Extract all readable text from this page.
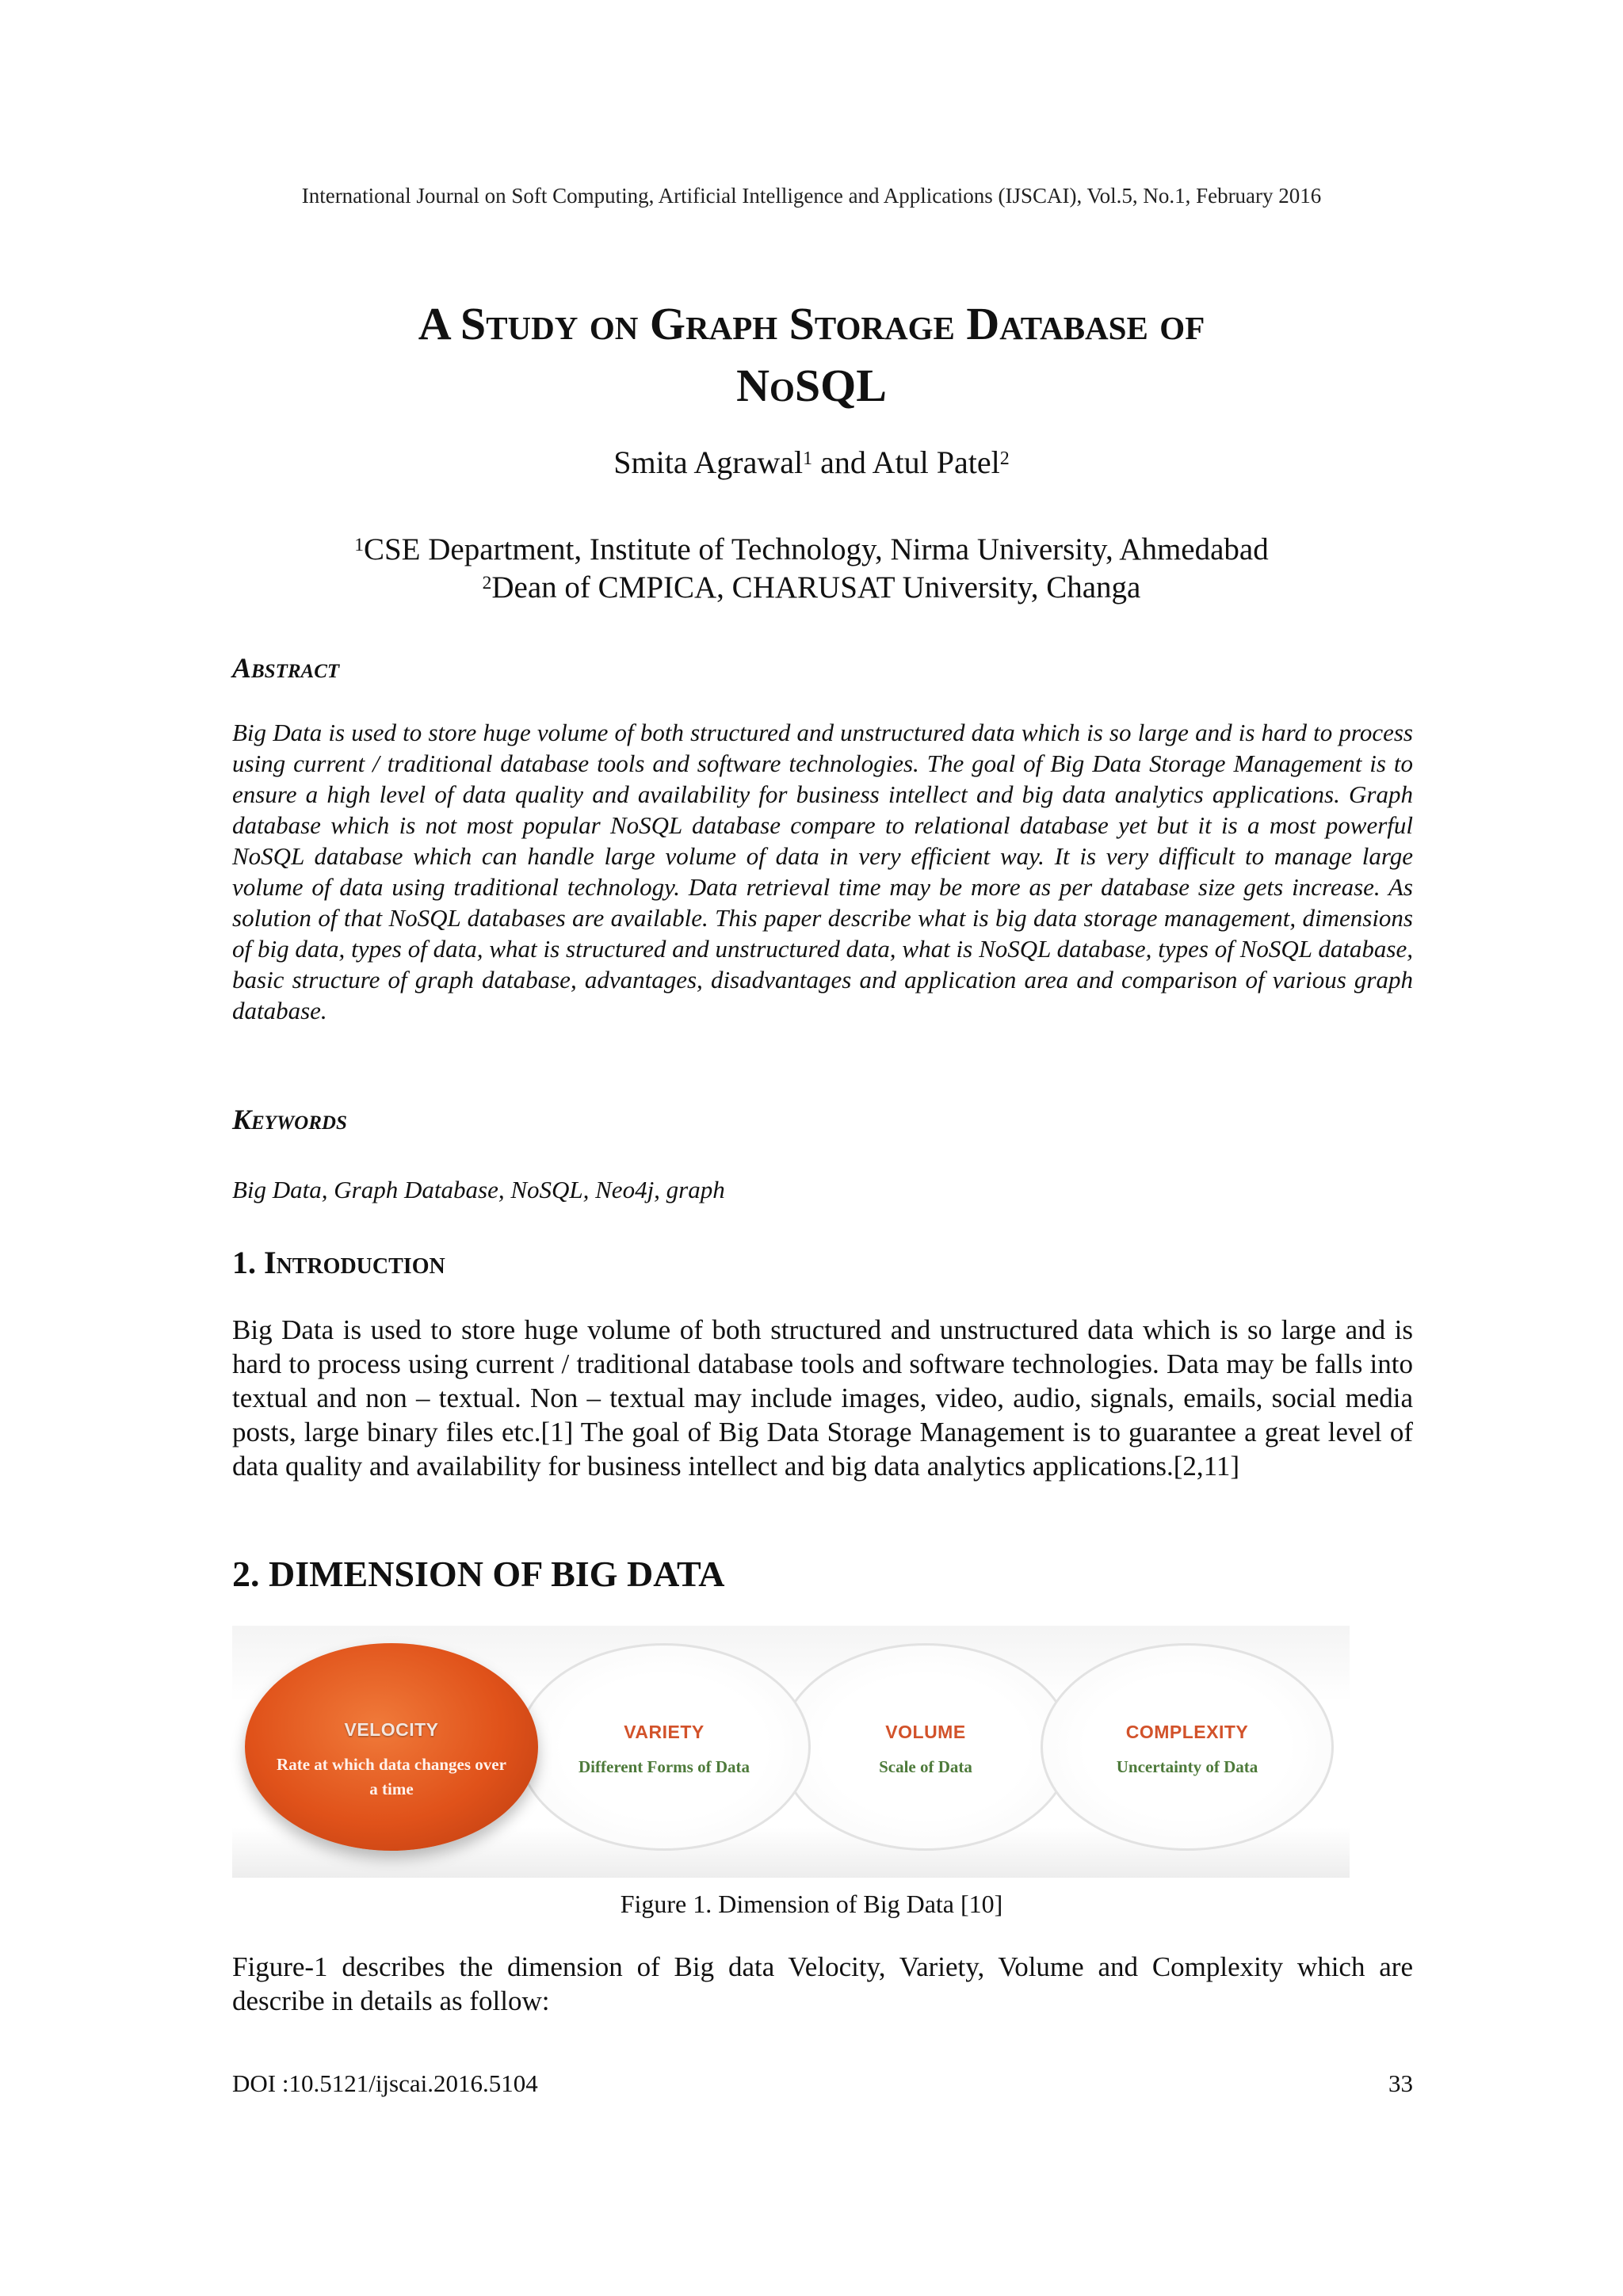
International Journal on Soft Computing, Artificial Intelligence and Applications (IJSCAI), Vol.5, No.1, February 2016
A Study on Graph Storage Database of
NoSQL
Smita Agrawal$^1$ and Atul Patel$^2$
$^1$CSE Department, Institute of Technology, Nirma University, Ahmedabad
$^2$Dean of CMPICA, CHARUSAT University, Changa
Abstract
Big Data is used to store huge volume of both structured and unstructured data which is so large and is hard to process using current / traditional database tools and software technologies. The goal of Big Data Storage Management is to ensure a high level of data quality and availability for business intellect and big data analytics applications. Graph database which is not most popular NoSQL database compare to relational database yet but it is a most powerful NoSQL database which can handle large volume of data in very efficient way. It is very difficult to manage large volume of data using traditional technology. Data retrieval time may be more as per database size gets increase. As solution of that NoSQL databases are available. This paper describe what is big data storage management, dimensions of big data, types of data, what is structured and unstructured data, what is NoSQL database, types of NoSQL database, basic structure of graph database, advantages, disadvantages and application area and comparison of various graph database.
Keywords
Big Data, Graph Database, NoSQL, Neo4j, graph
1. Introduction
Big Data is used to store huge volume of both structured and unstructured data which is so large and is hard to process using current / traditional database tools and software technologies. Data may be falls into textual and non – textual. Non – textual may include images, video, audio, signals, emails, social media posts, large binary files etc.[1] The goal of Big Data Storage Management is to guarantee a great level of data quality and availability for business intellect and big data analytics applications.[2,11]
2. DIMENSION OF BIG DATA
VOLUME
Scale of Data
COMPLEXITY
Uncertainty of Data
VARIETY
Different Forms of Data
VELOCITY
Rate at which data changes over a time
Figure 1. Dimension of Big Data [10]
Figure-1 describes the dimension of Big data Velocity, Variety, Volume and Complexity which are describe in details as follow:
DOI :10.5121/ijscai.2016.5104	33
